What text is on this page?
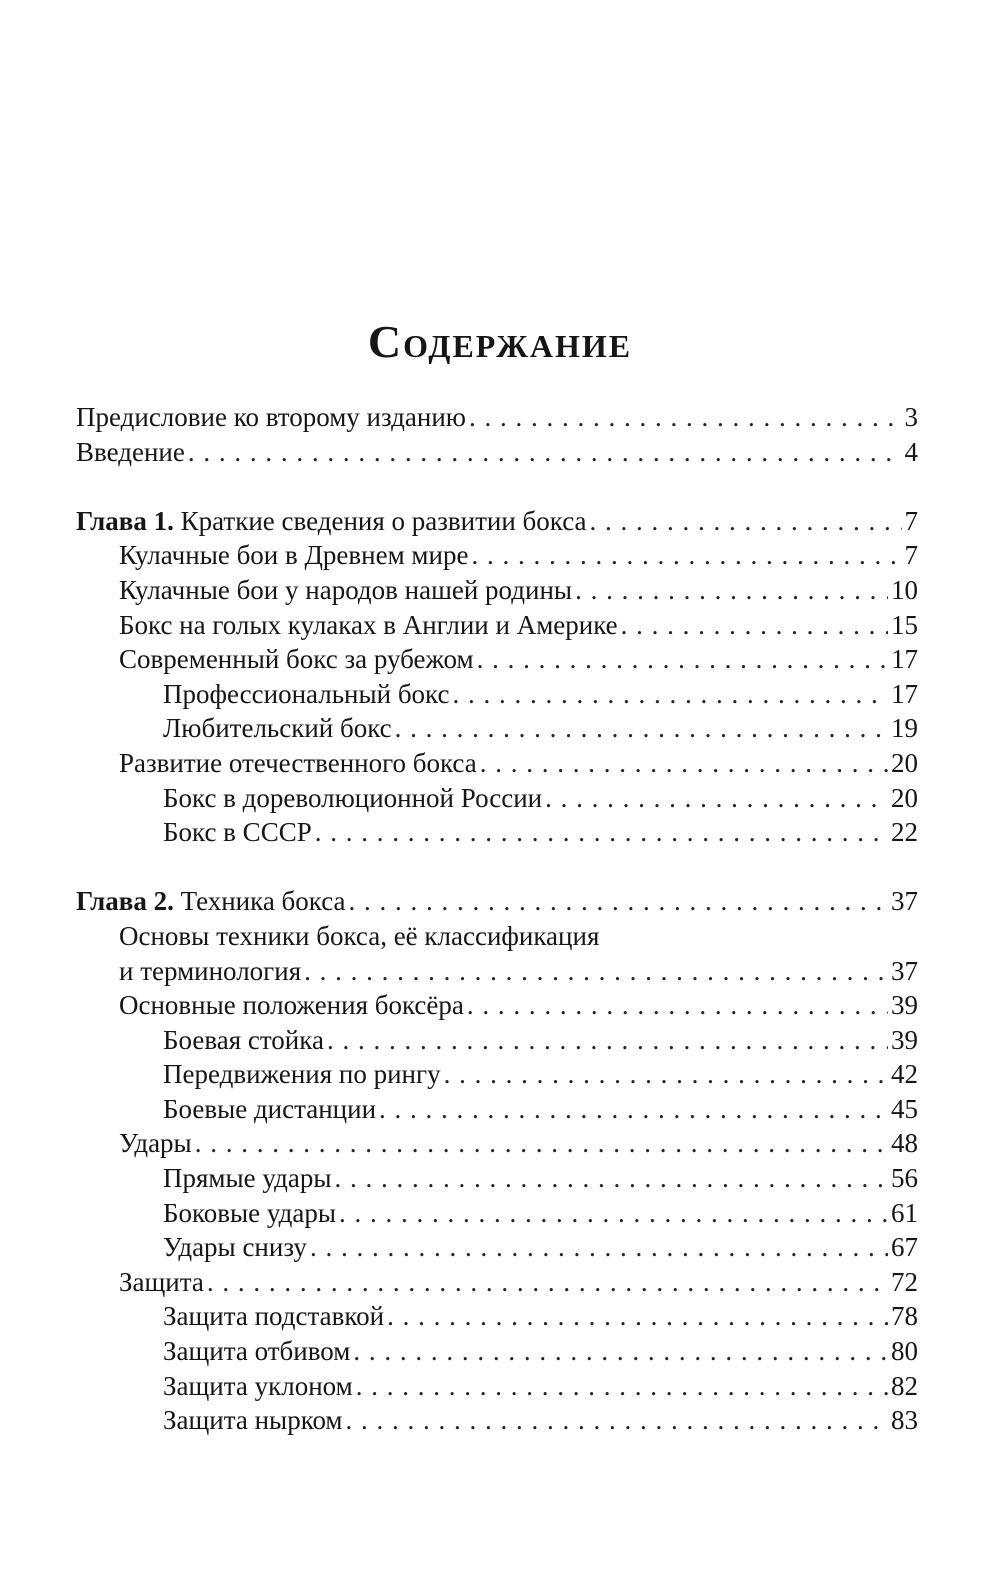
Содержание
Предисловие ко второму изданию . . .	3
Введение . . .	4
Глава 1. Краткие сведения о развитии бокса . . .	7
Кулачные бои в Древнем мире . . .	7
Кулачные бои у народов нашей родины . . .	10
Бокс на голых кулаках в Англии и Америке . . .	15
Современный бокс за рубежом . . .	17
Профессиональный бокс . . .	17
Любительский бокс . . .	19
Развитие отечественного бокса . . .	20
Бокс в дореволюционной России . . .	20
Бокс в СССР . . .	22
Глава 2. Техника бокса . . .	37
Основы техники бокса, её классификация
и терминология . . .	37
Основные положения боксёра . . .	39
Боевая стойка . . .	39
Передвижения по рингу . . .	42
Боевые дистанции . . .	45
Удары . . .	48
Прямые удары . . .	56
Боковые удары . . .	61
Удары снизу . . .	67
Защита . . .	72
Защита подставкой . . .	78
Защита отбивом . . .	80
Защита уклоном . . .	82
Защита нырком . . .	83
